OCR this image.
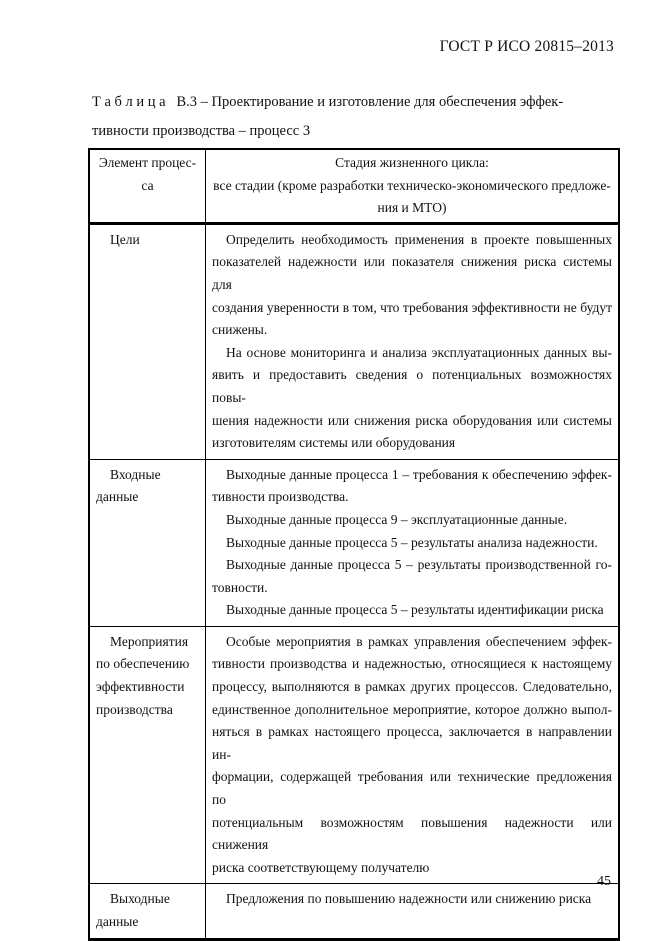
ГОСТ Р ИСО 20815–2013
Т а б л и ц а   В.3 – Проектирование и изготовление для обеспечения эффек-
тивности производства – процесс 3
Элемент процес-
са
Стадия жизненного цикла:
все стадии (кроме разработки техническо-экономического предложе-
ния и МТО)
Цели	Определить необходимость применения в проекте повышенных
показателей надежности или показателя снижения риска системы для
создания уверенности в том, что требования эффективности не будут
снижены.
На основе мониторинга и анализа эксплуатационных данных вы-
явить и предоставить сведения о потенциальных возможностях повы-
шения надежности или снижения риска оборудования или системы
изготовителям системы или оборудования
Входные
данные
Выходные данные процесса 1 – требования к обеспечению эффек-
тивности производства.
Выходные данные процесса 9 – эксплуатационные данные.
Выходные данные процесса 5 – результаты анализа надежности.
Выходные данные процесса 5 – результаты производственной го-
товности.
Выходные данные процесса 5 – результаты идентификации риска
Мероприятия
по обеспечению
эффективности
производства
Особые мероприятия в рамках управления обеспечением эффек-
тивности производства и надежностью, относящиеся к настоящему
процессу, выполняются в рамках других процессов. Следовательно,
единственное дополнительное мероприятие, которое должно выпол-
няться в рамках настоящего процесса, заключается в направлении ин-
формации, содержащей требования или технические предложения по
потенциальным возможностям повышения надежности или снижения
риска соответствующему получателю
Выходные
данные
Предложения по повышению надежности или снижению риска
45
